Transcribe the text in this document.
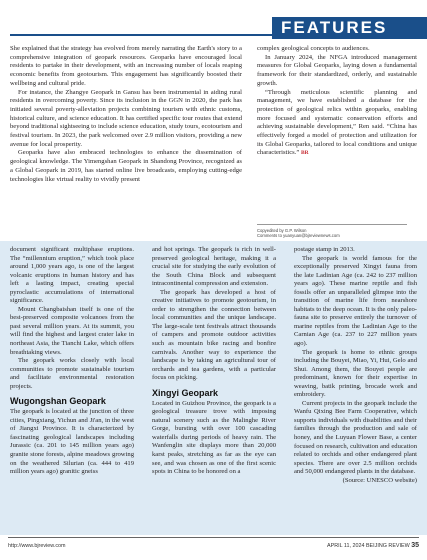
FEATURES

She explained that the strategy has evolved from merely narrating the Earth's story to a comprehensive integration of geopark resources. Geoparks have encouraged local residents to partake in their development, with an increasing number of locals reaping economic benefits from geotourism. This engagement has significantly boosted their wellbeing and cultural pride.

For instance, the Zhangye Geopark in Gansu has been instrumental in aiding rural residents in overcoming poverty. Since its inclusion in the GGN in 2020, the park has initiated several poverty-alleviation projects combining tourism with ethnic customs, historical culture, and science education. It has certified specific tour routes that extend beyond traditional sightseeing to include science education, study tours, ecotourism and festival tourism. In 2023, the park welcomed over 2.9 million visitors, providing a new avenue for local prosperity.

Geoparks have also embraced technologies to enhance the dissemination of geological knowledge. The Yimengshan Geopark in Shandong Province, recognized as a Global Geopark in 2019, has started online live broadcasts, employing cutting-edge technologies like virtual reality to vividly present

complex geological concepts to audiences.

In January 2024, the NFGA introduced management measures for Global Geoparks, laying down a fundamental framework for their standardized, orderly, and sustainable growth.

“Through meticulous scientific planning and management, we have established a database for the protection of geological relics within geoparks, enabling more focused and systematic conservation efforts and achieving sustainable development,” Ren said. “China has effectively forged a model of protection and utilization for its Global Geoparks, tailored to local conditions and unique characteristics.” BR

Copyedited by G.P. Wilson
Comments to yuanyuan@bjreviewnews.com

document significant multiphase eruptions. The “millennium eruption,” which took place around 1,000 years ago, is one of the largest volcanic eruptions in human history and has left a lasting impact, creating special pyroclastic accumulations of international significance.

Mount Changbaishan itself is one of the best-preserved composite volcanoes from the past several million years. At its summit, you will find the highest and largest crater lake in northeast Asia, the Tianchi Lake, which offers breathtaking views.

The geopark works closely with local communities to promote sustainable tourism and facilitate environmental restoration projects.

Wugongshan Geopark

The geopark is located at the junction of three cities, Pingxiang, Yichun and Ji'an, in the west of Jiangxi Province. It is characterized by fascinating geological landscapes including Jurassic (ca. 201 to 145 million years ago) granite stone forests, alpine meadows growing on the weathered Silurian (ca. 444 to 419 million years ago) granitic gneiss

and hot springs. The geopark is rich in well-preserved geological heritage, making it a crucial site for studying the early evolution of the South China Block and subsequent intracontinental compression and extension.

The geopark has developed a host of creative initiatives to promote geotourism, in order to strengthen the connection between local communities and the unique landscape. The large-scale tent festivals attract thousands of campers and promote outdoor activities such as mountain bike racing and bonfire carnivals. Another way to experience the landscape is by taking an agricultural tour of orchards and tea gardens, with a particular focus on picking.

Xingyi Geopark

Located in Guizhou Province, the geopark is a geological treasure trove with imposing natural scenery such as the Malinghe River Gorge, bursting with over 100 cascading waterfalls during periods of heavy rain. The Wanfenglin site displays more than 20,000 karst peaks, stretching as far as the eye can see, and was chosen as one of the first scenic spots in China to be honored on a

postage stamp in 2013.

The geopark is world famous for the exceptionally preserved Xingyi fauna from the late Ladinian Age (ca. 242 to 237 million years ago). These marine reptile and fish fossils offer an unparalleled glimpse into the transition of marine life from nearshore habitats to the deep ocean. It is the only paleo-fauna site to preserve entirely the turnover of marine reptiles from the Ladinian Age to the Carnian Age (ca. 237 to 227 million years ago).

The geopark is home to ethnic groups including the Bouyei, Miao, Yi, Hui, Gelo and Shui. Among them, the Bouyei people are predominant, known for their expertise in weaving, batik printing, brocade work and embroidery.

Current projects in the geopark include the Wanfu Qixing Bee Farm Cooperative, which supports individuals with disabilities and their families through the production and sale of honey, and the Luyuan Flower Base, a center focused on research, cultivation and education related to orchids and other endangered plant species. There are over 2.5 million orchids and 50,000 endangered plants in the database.

(Source: UNESCO website)

http://www.bjreview.com	APRIL 11, 2024 BEIJING REVIEW 35
